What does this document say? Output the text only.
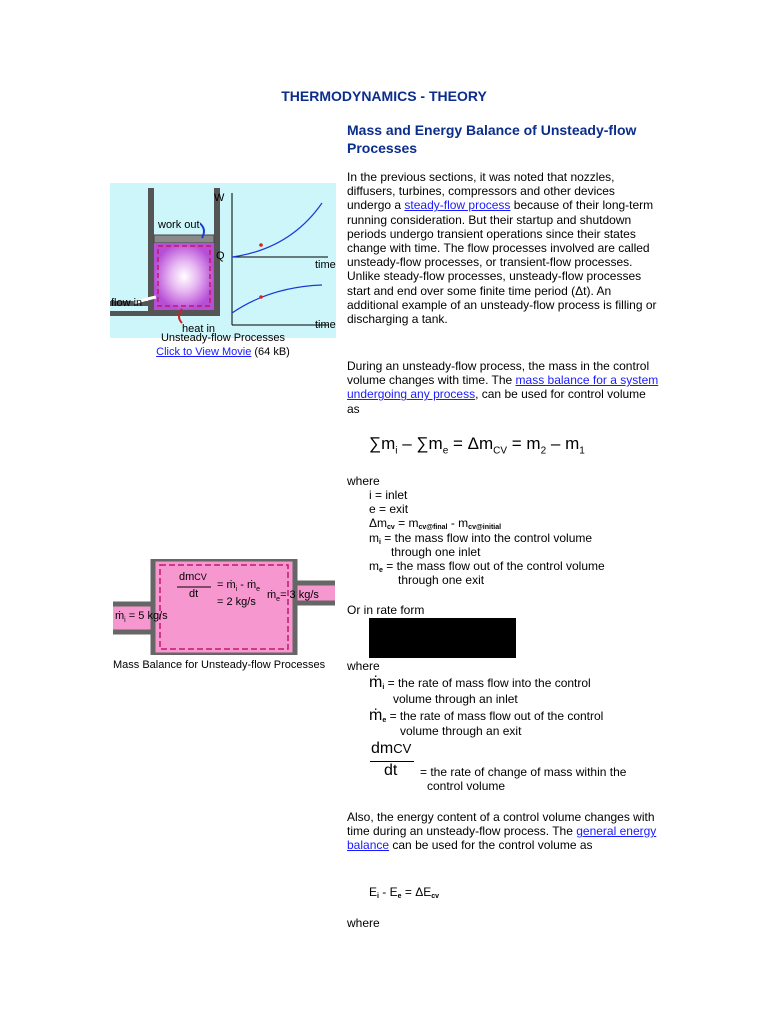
THERMODYNAMICS - THEORY
Mass and Energy Balance of Unsteady-flow Processes
In the previous sections, it was noted that nozzles, diffusers, turbines, compressors and other devices undergo a steady-flow process because of their long-term running consideration. But their startup and shutdown periods undergo transient operations since their states change with time. The flow processes involved are called unsteady-flow processes, or transient-flow processes. Unlike steady-flow processes, unsteady-flow processes start and end over some finite time period (Δt). An additional example of an unsteady-flow process is filling or discharging a tank.
During an unsteady-flow process, the mass in the control volume changes with time. The mass balance for a system undergoing any process, can be used for control volume as
W
Q
work out
flow in
heat in
time
time
Unsteady-flow Processes
Click to View Movie (64 kB)
$\sum m_i - \sum m_e = \Delta m_{CV} = m_2 - m_1$
where
i = inlet
e = exit
$\Delta m_{cv} = m_{cv@final} - m_{cv@initial}$
$m_i$ = the mass flow into the control volume
through one inlet
$m_e$ = the mass flow out of the control volume
through one exit
dmCV
dt
= ṁ$_i$ - ṁ$_e$
= 2 kg/s
ṁ$_e$= 3 kg/s
ṁ$_i$ = 5 kg/s
Mass Balance for Unsteady-flow Processes
Or in rate form
where
ṁ$_i$ = the rate of mass flow into the control
volume through an inlet
ṁ$_e$ = the rate of mass flow out of the control
volume through an exit
dmCV
dt = the rate of change of mass within the
control volume
Also, the energy content of a control volume changes with time during an unsteady-flow process. The general energy balance can be used for the control volume as
$E_i - E_e = \Delta E_{cv}$
where
